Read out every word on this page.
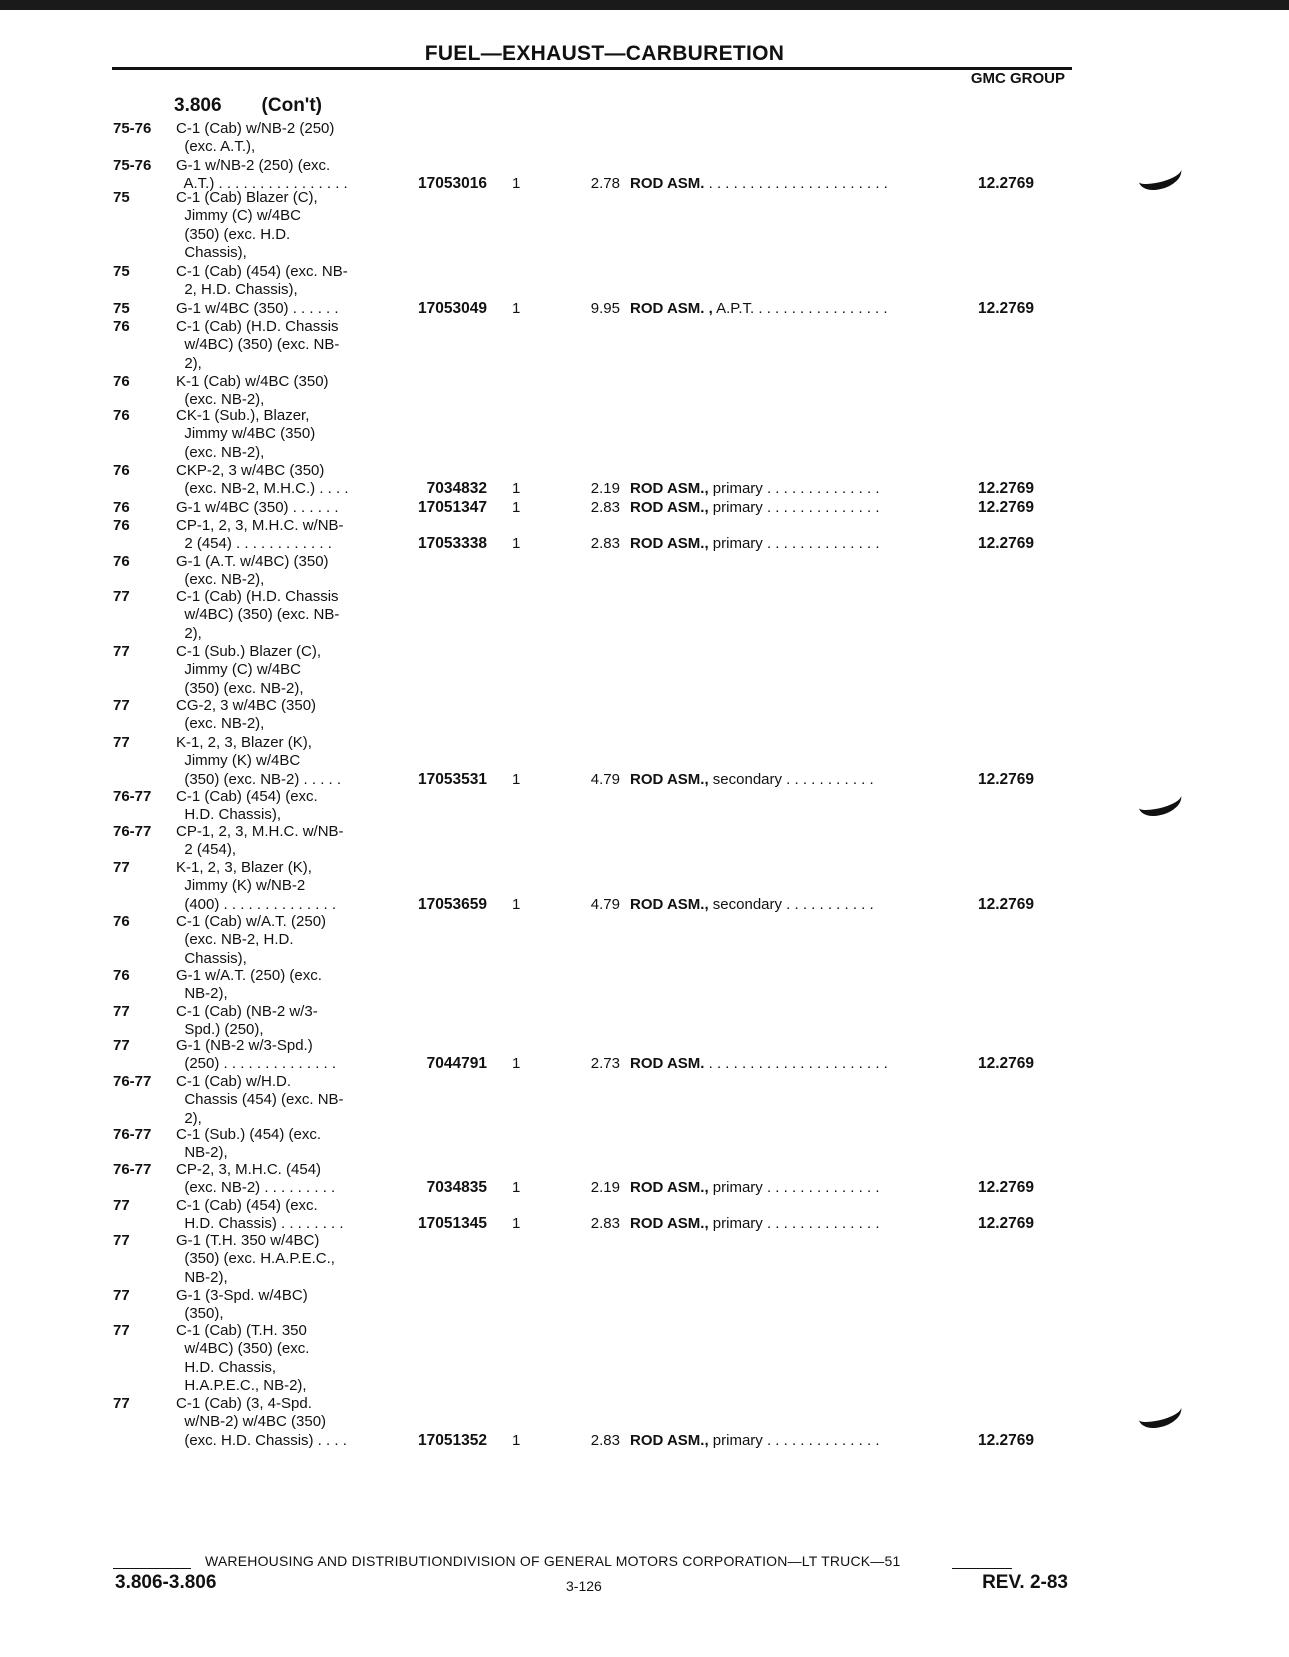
FUEL—EXHAUST—CARBURETION
GMC GROUP
3.806 (Con't)
75-76 C-1 (Cab) w/NB-2 (250)
(exc. A.T.),
75-76 G-1 w/NB-2 (250) (exc.
A.T.) . . . . . . . . . . . . . . . .	17053016 1	2.78 ROD ASM. . . . . . . . . . . . . . . . . . . . . . .	12.2769
75	C-1 (Cab) Blazer (C),
Jimmy (C) w/4BC
(350) (exc. H.D.
Chassis),
75	C-1 (Cab) (454) (exc. NB-
2, H.D. Chassis),
75	G-1 w/4BC (350) . . . . . .	17053049 1	9.95 ROD ASM. , A.P.T. . . . . . . . . . . . . . . . .	12.2769
76	C-1 (Cab) (H.D. Chassis
w/4BC) (350) (exc. NB-
2),
76	K-1 (Cab) w/4BC (350)
(exc. NB-2),
76	CK-1 (Sub.), Blazer,
Jimmy w/4BC (350)
(exc. NB-2),
76	CKP-2, 3 w/4BC (350)
(exc. NB-2, M.H.C.) . . . .	7034832 1	2.19 ROD ASM., primary . . . . . . . . . . . . . .	12.2769
76	G-1 w/4BC (350) . . . . . .	17051347 1	2.83 ROD ASM., primary . . . . . . . . . . . . . .	12.2769
76	CP-1, 2, 3, M.H.C. w/NB-
2 (454) . . . . . . . . . . . .	17053338 1	2.83 ROD ASM., primary . . . . . . . . . . . . . .	12.2769
76	G-1 (A.T. w/4BC) (350)
(exc. NB-2),
77	C-1 (Cab) (H.D. Chassis
w/4BC) (350) (exc. NB-
2),
77	C-1 (Sub.) Blazer (C),
Jimmy (C) w/4BC
(350) (exc. NB-2),
77	CG-2, 3 w/4BC (350)
(exc. NB-2),
77	K-1, 2, 3, Blazer (K),
Jimmy (K) w/4BC
(350) (exc. NB-2) . . . . .	17053531 1	4.79 ROD ASM., secondary . . . . . . . . . . .	12.2769
76-77 C-1 (Cab) (454) (exc.
H.D. Chassis),
76-77 CP-1, 2, 3, M.H.C. w/NB-
2 (454),
77	K-1, 2, 3, Blazer (K),
Jimmy (K) w/NB-2
(400) . . . . . . . . . . . . . .	17053659 1	4.79 ROD ASM., secondary . . . . . . . . . . .	12.2769
76	C-1 (Cab) w/A.T. (250)
(exc. NB-2, H.D.
Chassis),
76	G-1 w/A.T. (250) (exc.
NB-2),
77	C-1 (Cab) (NB-2 w/3-
Spd.) (250),
77	G-1 (NB-2 w/3-Spd.)
(250) . . . . . . . . . . . . . .	7044791 1	2.73 ROD ASM. . . . . . . . . . . . . . . . . . . . . . .	12.2769
76-77 C-1 (Cab) w/H.D.
Chassis (454) (exc. NB-
2),
76-77 C-1 (Sub.) (454) (exc.
NB-2),
76-77 CP-2, 3, M.H.C. (454)
(exc. NB-2) . . . . . . . . .	7034835 1	2.19 ROD ASM., primary . . . . . . . . . . . . . .	12.2769
77	C-1 (Cab) (454) (exc.
H.D. Chassis) . . . . . . . .	17051345 1	2.83 ROD ASM., primary . . . . . . . . . . . . . .	12.2769
77	G-1 (T.H. 350 w/4BC)
(350) (exc. H.A.P.E.C.,
NB-2),
77	G-1 (3-Spd. w/4BC)
(350),
77	C-1 (Cab) (T.H. 350
w/4BC) (350) (exc.
H.D. Chassis,
H.A.P.E.C., NB-2),
77	C-1 (Cab) (3, 4-Spd.
w/NB-2) w/4BC (350)
(exc. H.D. Chassis) . . . .	17051352 1	2.83 ROD ASM., primary . . . . . . . . . . . . . .	12.2769
WAREHOUSING AND DISTRIBUTIONDIVISION OF GENERAL MOTORS CORPORATION—LT TRUCK—51
3.806-3.806	3-126	REV. 2-83
